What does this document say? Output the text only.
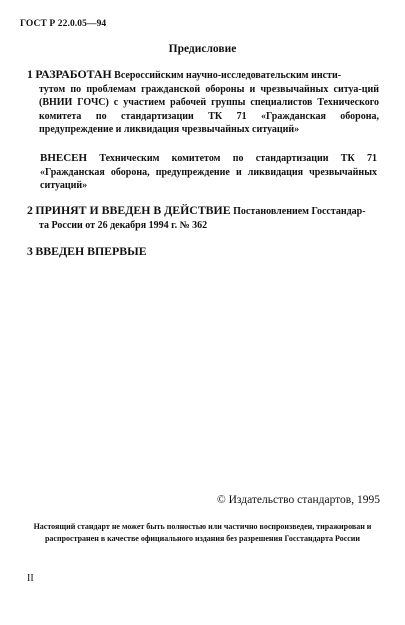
ГОСТ Р 22.0.05—94
Предисловие
1 РАЗРАБОТАН Всероссийским научно-исследовательским инсти-
тутом по проблемам гражданской обороны и чрезвычайных ситуа-ций (ВНИИ ГОЧС) с участием рабочей группы специалистов Технического комитета по стандартизации ТК 71 «Гражданская оборона, предупреждение и ликвидация чрезвычайных ситуаций»
ВНЕСЕН Техническим комитетом по стандартизации ТК 71 «Гражданская оборона, предупреждение и ликвидация чрезвычайных ситуаций»
2 ПРИНЯТ И ВВЕДЕН В ДЕЙСТВИЕ Постановлением Госстандар-
та России от 26 декабря 1994 г. № 362
3 ВВЕДЕН ВПЕРВЫЕ
© Издательство стандартов, 1995
Настоящий стандарт не может быть полностью или частично воспроизведен, тиражирован и распространен в качестве официального издания без разрешения Госстандарта России
II
